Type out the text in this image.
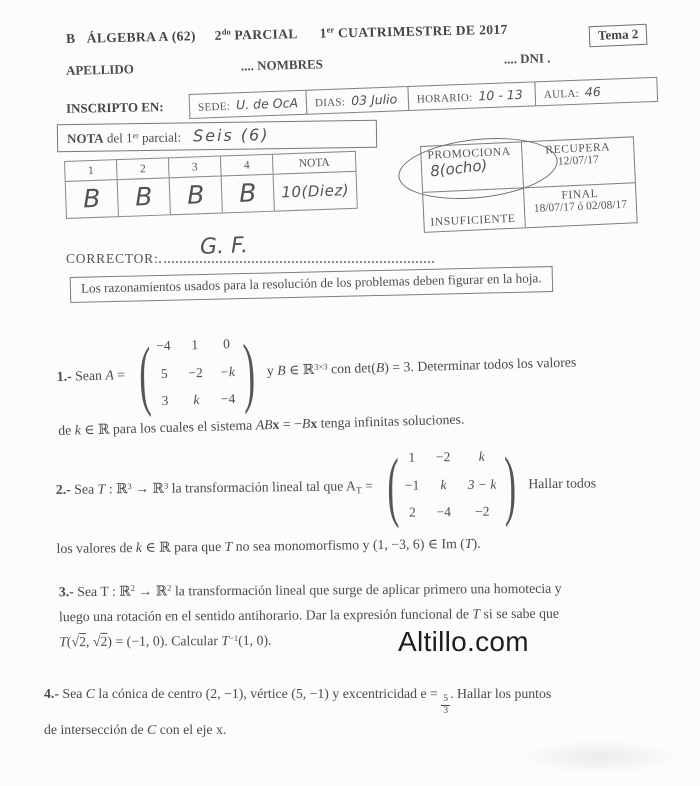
B   ÁLGEBRA A (62)     $2^{do}$ PARCIAL      1er CUATRIMESTRE DE 2017	Tema 2
APELLIDO	.... NOMBRES	.... DNI .
INSCRIPTO EN:	SEDE: U. de OcA DIAS: 03 Julio HORARIO: 10 - 13 AULA: 46
NOTA del 1er parcial: Seis (6)
1	2	3	4	NOTA
B	B	B	B	10(Diez)
PROMOCIONA
8(ocho)
RECUPERA
12/07/17
INSUFICIENTE
FINAL
18/07/17 ó 02/08/17
CORRECTOR:	G. F.
Los razonamientos usados para la resolución de los problemas deben figurar en la hoja.
1.- Sean A = ( −4 1	0
5 −2 −k
3	k	−4 ) y B ∈ ℝ$^{3\times 3}$ con det(B) = 3. Determinar todos los valores
de k ∈ ℝ para los cuales el sistema ABx = −Bx tenga infinitas soluciones.
2.- Sea T : ℝ$^3$ → ℝ$^3$ la transformación lineal tal que $A_T$ = ( 1 −2	k
−1	k	3 − k
2 −4	−2 ) Hallar todos
los valores de k ∈ ℝ para que T no sea monomorfismo y (1, −3, 6) ∈ Im (T).
3.- Sea T : ℝ$^2$ → ℝ$^2$ la transformación lineal que surge de aplicar primero una homotecia y
luego una rotación en el sentido antihorario. Dar la expresión funcional de T si se sabe que
T(√2, √2) = (−1, 0). Calcular $T^{-1}(1$, 0).	Altillo.com
4.- Sea C la cónica de centro (2, −1), vértice (5, −1) y excentricidad e =
$\frac{5}{3}$
. Hallar los puntos
de intersección de C con el eje x.
